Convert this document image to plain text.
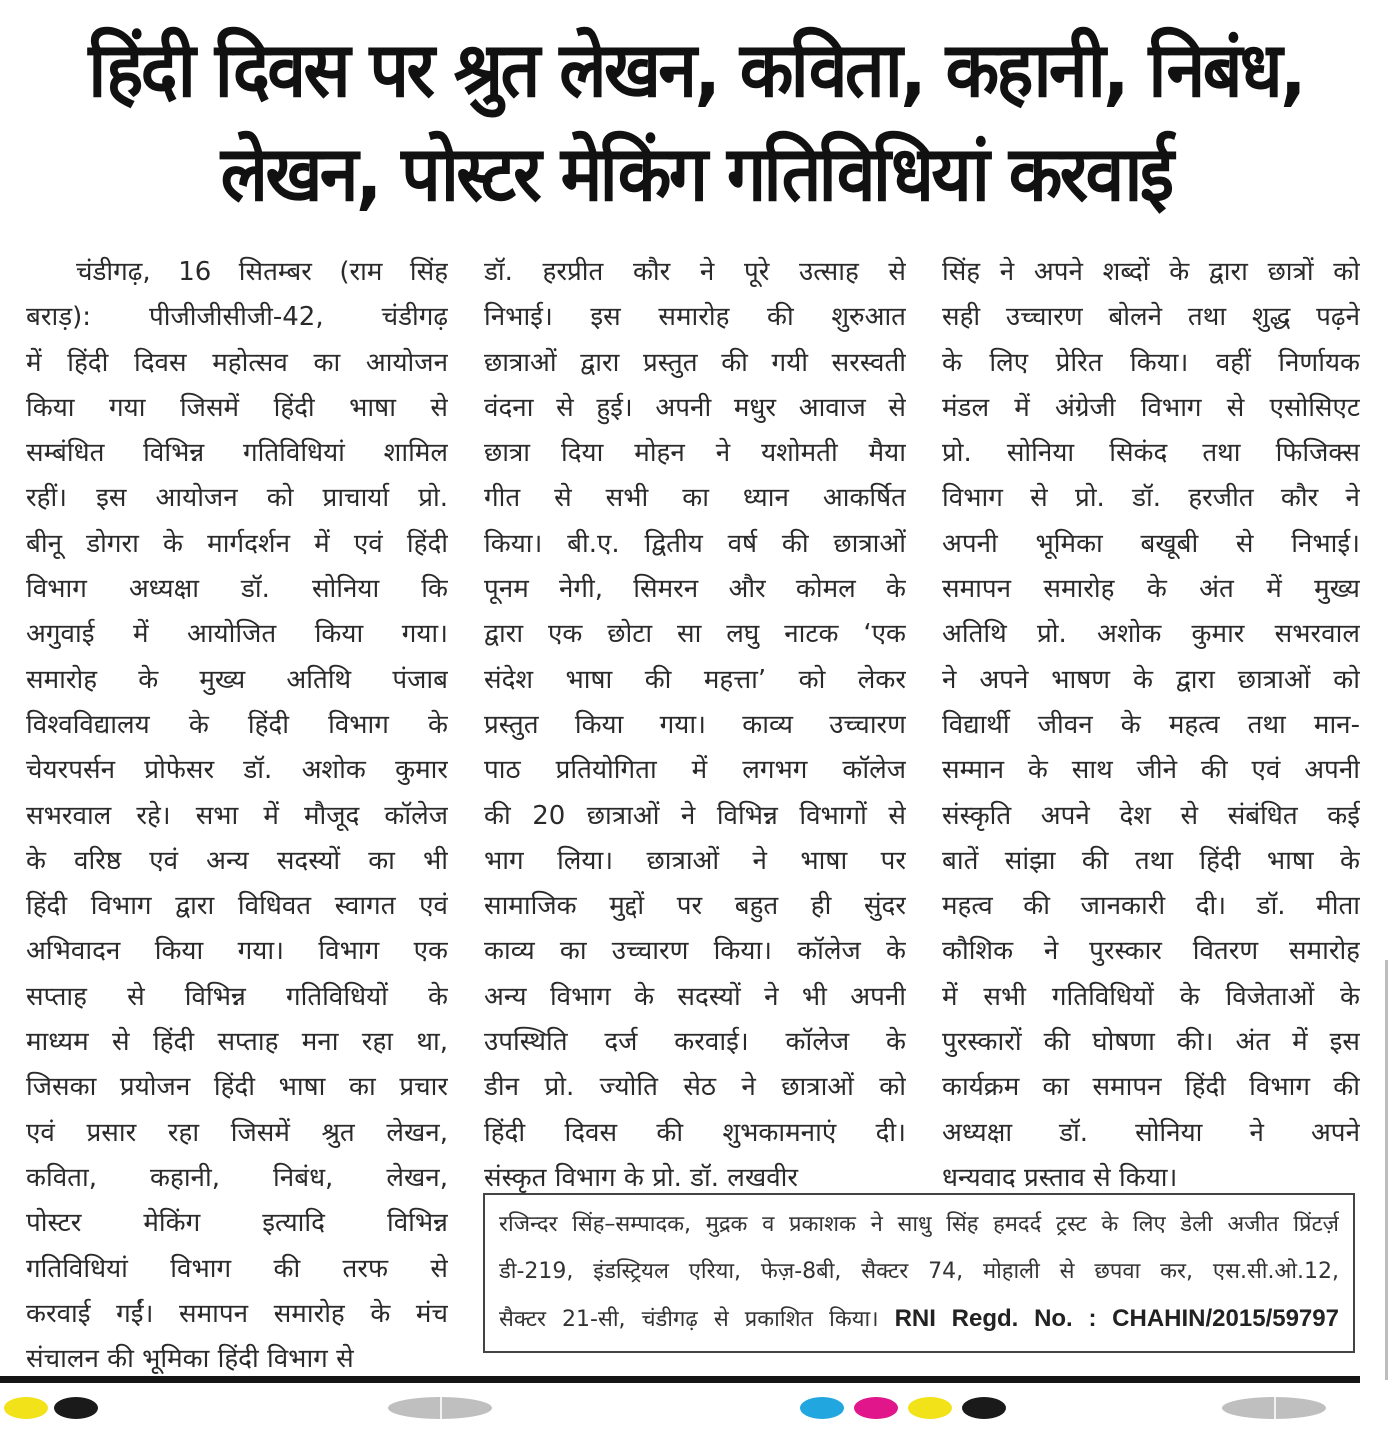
हिंदी दिवस पर श्रुत लेखन, कविता, कहानी, निबंध,
लेखन, पोस्टर मेकिंग गतिविधियां करवाई
चंडीगढ़, 16 सितम्बर (राम सिंह
बराड़): पीजीजीसीजी-42, चंडीगढ़
में हिंदी दिवस महोत्सव का आयोजन
किया गया जिसमें हिंदी भाषा से
सम्बंधित विभिन्न गतिविधियां शामिल
रहीं। इस आयोजन को प्राचार्या प्रो.
बीनू डोगरा के मार्गदर्शन में एवं हिंदी
विभाग अध्यक्षा डॉ. सोनिया कि
अगुवाई में आयोजित किया गया।
समारोह के मुख्य अतिथि पंजाब
विश्वविद्यालय के हिंदी विभाग के
चेयरपर्सन प्रोफेसर डॉ. अशोक कुमार
सभरवाल रहे। सभा में मौजूद कॉलेज
के वरिष्ठ एवं अन्य सदस्यों का भी
हिंदी विभाग द्वारा विधिवत स्वागत एवं
अभिवादन किया गया। विभाग एक
सप्ताह से विभिन्न गतिविधियों के
माध्यम से हिंदी सप्ताह मना रहा था,
जिसका प्रयोजन हिंदी भाषा का प्रचार
एवं प्रसार रहा जिसमें श्रुत लेखन,
कविता, कहानी, निबंध, लेखन,
पोस्टर मेकिंग इत्यादि विभिन्न
गतिविधियां विभाग की तरफ से
करवाई गईं। समापन समारोह के मंच
संचालन की भूमिका हिंदी विभाग से
डॉ. हरप्रीत कौर ने पूरे उत्साह से
निभाई। इस समारोह की शुरुआत
छात्राओं द्वारा प्रस्तुत की गयी सरस्वती
वंदना से हुई। अपनी मधुर आवाज से
छात्रा दिया मोहन ने यशोमती मैया
गीत से सभी का ध्यान आकर्षित
किया। बी.ए. द्वितीय वर्ष की छात्राओं
पूनम नेगी, सिमरन और कोमल के
द्वारा एक छोटा सा लघु नाटक ‘एक
संदेश भाषा की महत्ता’ को लेकर
प्रस्तुत किया गया। काव्य उच्चारण
पाठ प्रतियोगिता में लगभग कॉलेज
की 20 छात्राओं ने विभिन्न विभागों से
भाग लिया। छात्राओं ने भाषा पर
सामाजिक मुद्दों पर बहुत ही सुंदर
काव्य का उच्चारण किया। कॉलेज के
अन्य विभाग के सदस्यों ने भी अपनी
उपस्थिति दर्ज करवाई। कॉलेज के
डीन प्रो. ज्योति सेठ ने छात्राओं को
हिंदी दिवस की शुभकामनाएं दी।
संस्कृत विभाग के प्रो. डॉ. लखवीर
सिंह ने अपने शब्दों के द्वारा छात्रों को
सही उच्चारण बोलने तथा शुद्ध पढ़ने
के लिए प्रेरित किया। वहीं निर्णायक
मंडल में अंग्रेजी विभाग से एसोसिएट
प्रो. सोनिया सिकंद तथा फिजिक्स
विभाग से प्रो. डॉ. हरजीत कौर ने
अपनी भूमिका बखूबी से निभाई।
समापन समारोह के अंत में मुख्य
अतिथि प्रो. अशोक कुमार सभरवाल
ने अपने भाषण के द्वारा छात्राओं को
विद्यार्थी जीवन के महत्व तथा मान-
सम्मान के साथ जीने की एवं अपनी
संस्कृति अपने देश से संबंधित कई
बातें सांझा की तथा हिंदी भाषा के
महत्व की जानकारी दी। डॉ. मीता
कौशिक ने पुरस्कार वितरण समारोह
में सभी गतिविधियों के विजेताओं के
पुरस्कारों की घोषणा की। अंत में इस
कार्यक्रम का समापन हिंदी विभाग की
अध्यक्षा डॉ. सोनिया ने अपने
धन्यवाद प्रस्ताव से किया।
रजिन्दर सिंह–सम्पादक, मुद्रक व प्रकाशक ने साधु सिंह हमदर्द ट्रस्ट के लिए डेली अजीत प्रिंटर्ज़
डी-219, इंडस्ट्रियल एरिया, फेज़-8बी, सैक्टर 74, मोहाली से छपवा कर, एस.सी.ओ.12,
सैक्टर 21-सी, चंडीगढ़ से प्रकाशित किया। RNI Regd. No. : CHAHIN/2015/59797
